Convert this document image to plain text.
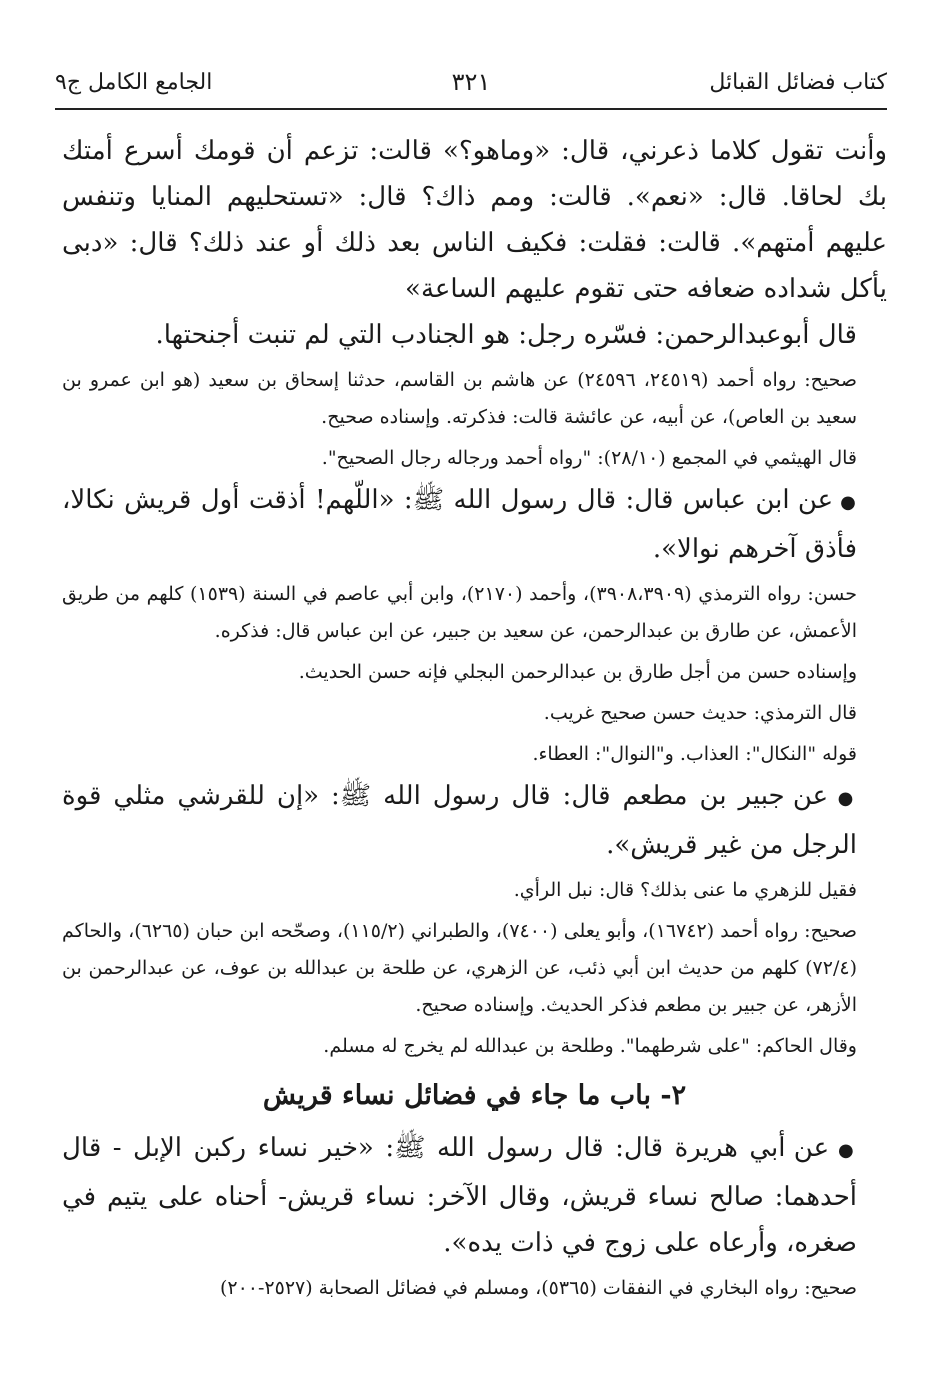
كتاب فضائل القبائل
٣٢١
الجامع الكامل ج٩

وأنت تقول كلاما ذعرني، قال: «وماهو؟» قالت: تزعم أن قومك أسرع أمتك بك لحاقا. قال: «نعم». قالت: ومم ذاك؟ قال: «تستحليهم المنايا وتنفس عليهم أمتهم». قالت: فقلت: فكيف الناس بعد ذلك أو عند ذلك؟ قال: «دبى يأكل شداده ضعافه حتى تقوم عليهم الساعة»

قال أبوعبدالرحمن: فسّره رجل: هو الجنادب التي لم تنبت أجنحتها.

صحيح: رواه أحمد (٢٤٥١٩، ٢٤٥٩٦) عن هاشم بن القاسم، حدثنا إسحاق بن سعيد (هو ابن عمرو بن سعيد بن العاص)، عن أبيه، عن عائشة قالت: فذكرته. وإسناده صحيح.

قال الهيثمي في المجمع (٢٨/١٠): "رواه أحمد ورجاله رجال الصحيح".

● عن ابن عباس قال: قال رسول الله ﷺ: «اللّهم! أذقت أول قريش نكالا، فأذق آخرهم نوالا».

حسن: رواه الترمذي (٣٩٠٨،٣٩٠٩)، وأحمد (٢١٧٠)، وابن أبي عاصم في السنة (١٥٣٩) كلهم من طريق الأعمش، عن طارق بن عبدالرحمن، عن سعيد بن جبير، عن ابن عباس قال: فذكره.

وإسناده حسن من أجل طارق بن عبدالرحمن البجلي فإنه حسن الحديث.

قال الترمذي: حديث حسن صحيح غريب.

قوله "النكال": العذاب. و"النوال": العطاء.

● عن جبير بن مطعم قال: قال رسول الله ﷺ: «إن للقرشي مثلي قوة الرجل من غير قريش».

فقيل للزهري ما عنى بذلك؟ قال: نبل الرأي.

صحيح: رواه أحمد (١٦٧٤٢)، وأبو يعلى (٧٤٠٠)، والطبراني (١١٥/٢)، وصحّحه ابن حبان (٦٢٦٥)، والحاكم (٧٢/٤) كلهم من حديث ابن أبي ذئب، عن الزهري، عن طلحة بن عبدالله بن عوف، عن عبدالرحمن بن الأزهر، عن جبير بن مطعم فذكر الحديث. وإسناده صحيح.

وقال الحاكم: "على شرطهما". وطلحة بن عبدالله لم يخرج له مسلم.

٢- باب ما جاء في فضائل نساء قريش

● عن أبي هريرة قال: قال رسول الله ﷺ: «خير نساء ركبن الإبل - قال أحدهما: صالح نساء قريش، وقال الآخر: نساء قريش- أحناه على يتيم في صغره، وأرعاه على زوج في ذات يده».

صحيح: رواه البخاري في النفقات (٥٣٦٥)، ومسلم في فضائل الصحابة (٢٥٢٧-٢٠٠)
